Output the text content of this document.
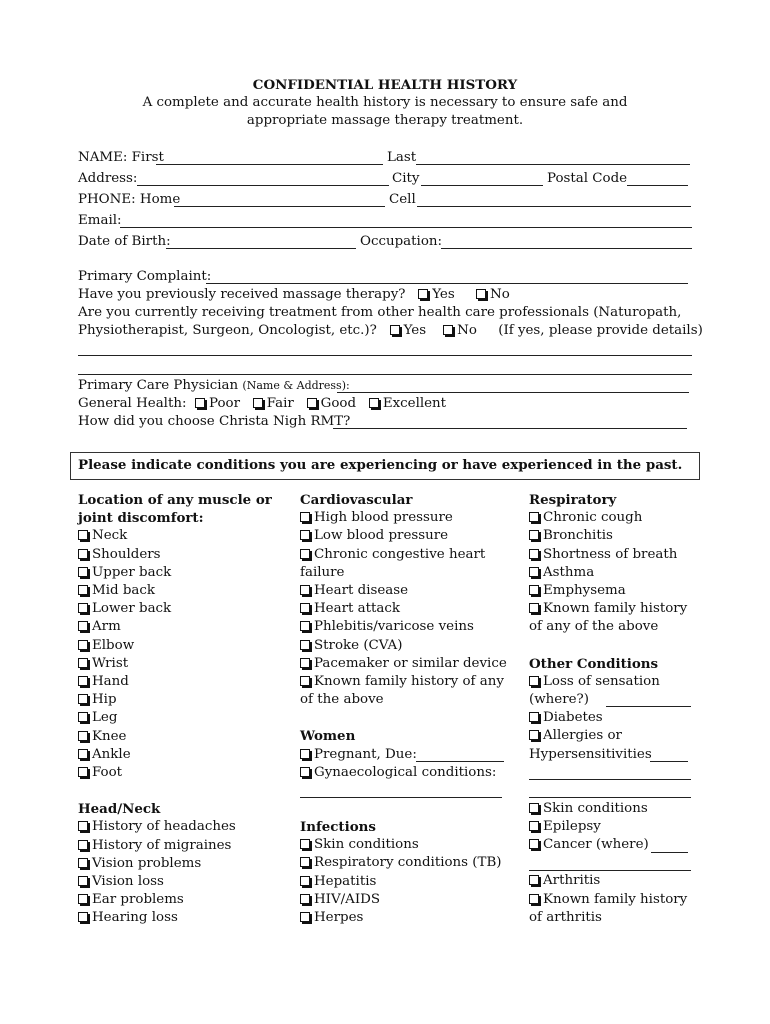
CONFIDENTIAL HEALTH HISTORY
A complete and accurate health history is necessary to ensure safe and
appropriate massage therapy treatment.
NAME: First	Last
Address:	City	Postal Code
PHONE: Home	Cell
Email:
Date of Birth:	Occupation:
Primary Complaint:
Have you previously received massage therapy? Yes	No
Are you currently receiving treatment from other health care professionals (Naturopath,
Physiotherapist, Surgeon, Oncologist, etc.)? Yes No (If yes, please provide details)
Primary Care Physician (Name & Address):
General Health: Poor Fair Good Excellent
How did you choose Christa Nigh RMT?
Please indicate conditions you are experiencing or have experienced in the past.
Location of any muscle or
joint discomfort:
Neck
Shoulders
Upper back
Mid back
Lower back
Arm
Elbow
Wrist
Hand
Hip
Leg
Knee
Ankle
Foot
Head/Neck
History of headaches
History of migraines
Vision problems
Vision loss
Ear problems
Hearing loss
Cardiovascular
High blood pressure
Low blood pressure
Chronic congestive heart
failure
Heart disease
Heart attack
Phlebitis/varicose veins
Stroke (CVA)
Pacemaker or similar device
Known family history of any
of the above
Women
Pregnant, Due:
Gynaecological conditions:
Infections
Skin conditions
Respiratory conditions (TB)
Hepatitis
HIV/AIDS
Herpes
Respiratory
Chronic cough
Bronchitis
Shortness of breath
Asthma
Emphysema
Known family history
of any of the above
Other Conditions
Loss of sensation
(where?)
Diabetes
Allergies or
Hypersensitivities
Skin conditions
Epilepsy
Cancer (where)
Arthritis
Known family history
of arthritis
